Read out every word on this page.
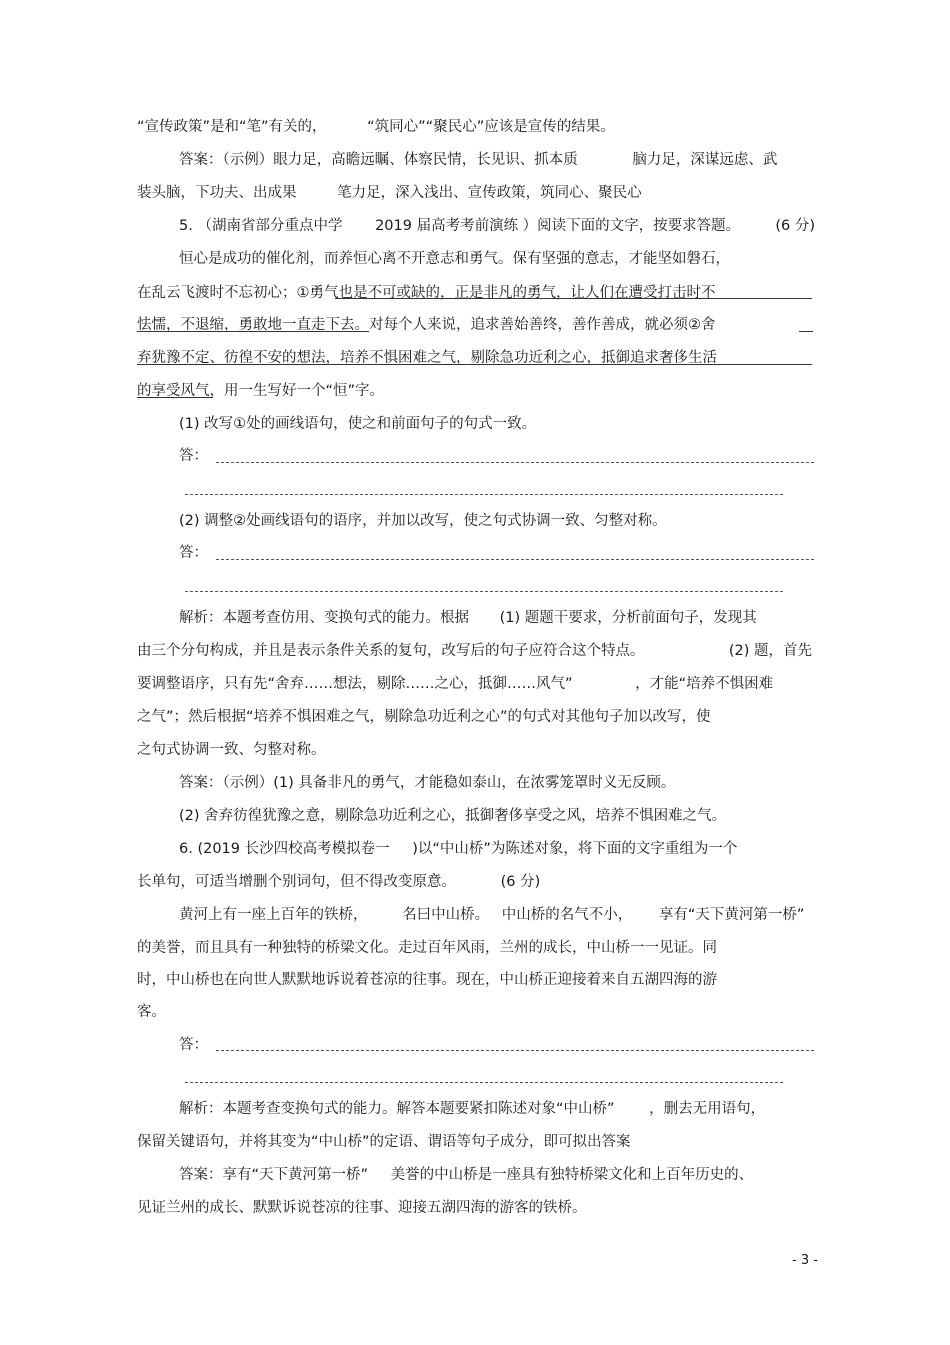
“宣传政策”是和“笔”有关的，	“筑同心”“聚民心”应该是宣传的结果。
答案：（示例）眼力足，高瞻远瞩、体察民情，长见识、抓本质	脑力足，深谋远虑、武
装头脑，下功夫、出成果	笔力足，深入浅出、宣传政策，筑同心、聚民心
5. （湖南省部分重点中学 2019 届高考考前演练 ）阅读下面的文字，按要求答题。 (6 分)
恒心是成功的催化剂，而养恒心离不开意志和勇气。保有坚强的意志，才能坚如磐石，
在乱云飞渡时不忘初心；①勇气也是不可或缺的，正是非凡的勇气，让人们在遭受打击时不
怯懦，不退缩，勇敢地一直走下去。对每个人来说，追求善始善终，善作善成，就必须②舍
弃犹豫不定、彷徨不安的想法，培养不惧困难之气，剔除急功近利之心，抵御追求奢侈生活
的享受风气，用一生写好一个“恒”字。
(1) 改写①处的画线语句，使之和前面句子的句式一致。
答：
(2) 调整②处画线语句的语序，并加以改写，使之句式协调一致、匀整对称。
答：
解析：本题考查仿用、变换句式的能力。根据 (1) 题题干要求，分析前面句子，发现其
由三个分句构成，并且是表示条件关系的复句，改写后的句子应符合这个特点。	(2) 题，首先
要调整语序，只有先“舍弃……想法，剔除……之心，抵御……风气”	，才能“培养不惧困难
之气”；然后根据“培养不惧困难之气，剔除急功近利之心”的句式对其他句子加以改写，使
之句式协调一致、匀整对称。
答案：（示例）(1) 具备非凡的勇气，才能稳如泰山，在浓雾笼罩时义无反顾。
(2) 舍弃彷徨犹豫之意，剔除急功近利之心，抵御奢侈享受之风，培养不惧困难之气。
6. (2019 长沙四校高考模拟卷一 )以“中山桥”为陈述对象，将下面的文字重组为一个
长单句，可适当增删个别词句，但不得改变原意。	(6 分)
黄河上有一座上百年的铁桥， 名曰中山桥。 中山桥的名气不小， 享有“天下黄河第一桥”
的美誉，而且具有一种独特的桥梁文化。走过百年风雨，兰州的成长，中山桥一一见证。同
时，中山桥也在向世人默默地诉说着苍凉的往事。现在，中山桥正迎接着来自五湖四海的游
客。
答：
解析：本题考查变换句式的能力。解答本题要紧扣陈述对象“中山桥” ，删去无用语句，
保留关键语句，并将其变为“中山桥”的定语、谓语等句子成分，即可拟出答案
答案：享有“天下黄河第一桥” 美誉的中山桥是一座具有独特桥梁文化和上百年历史的、
见证兰州的成长、默默诉说苍凉的往事、迎接五湖四海的游客的铁桥。
- 3 -
